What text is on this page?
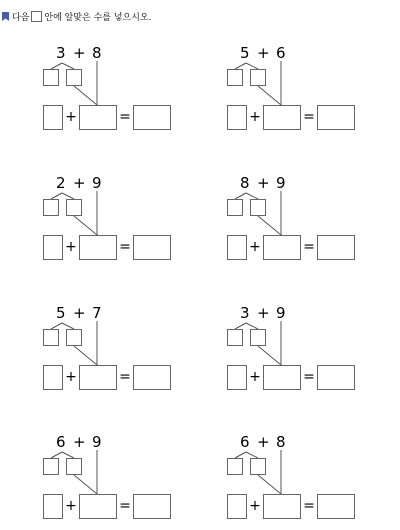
다음 안에 알맞은 수를 넣으시오.
3 + 8
+	=
5 + 6
+	=
2 + 9
+	=
8 + 9
+	=
5 + 7
+	=
3 + 9
+	=
6 + 9
+	=
6 + 8
+	=
